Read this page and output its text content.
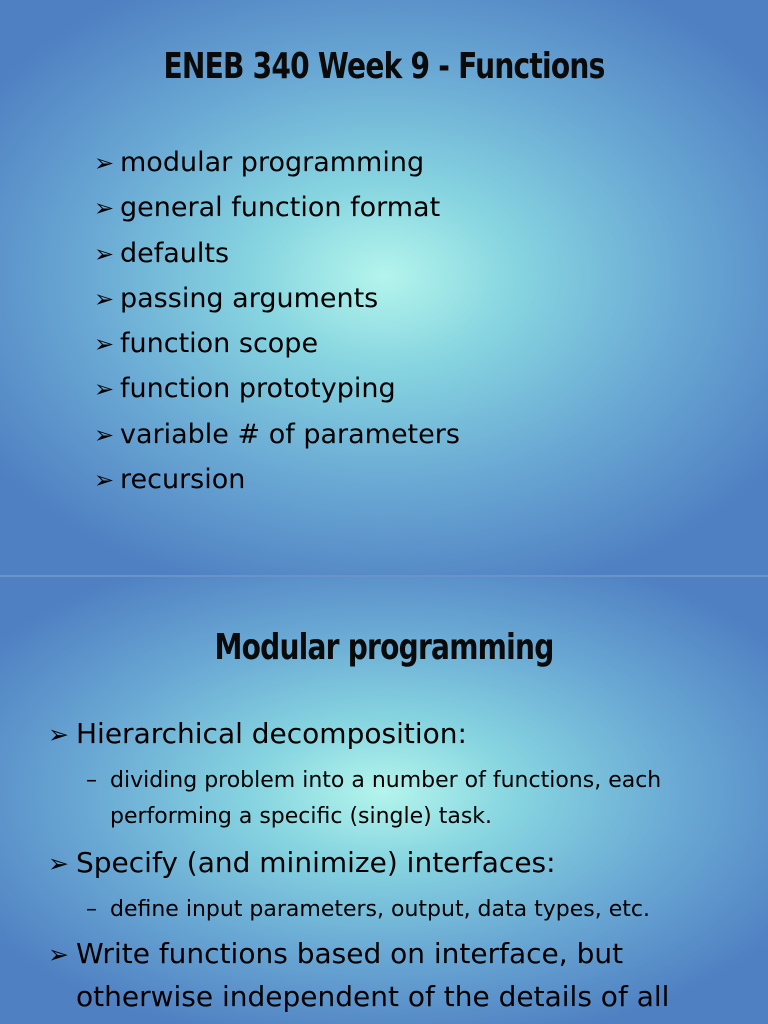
ENEB 340 Week 9 - Functions
➢ modular programming
➢ general function format
➢ defaults
➢ passing arguments
➢ function scope
➢ function prototyping
➢ variable # of parameters
➢ recursion
Modular programming
➢ Hierarchical decomposition:
– dividing problem into a number of functions, each
performing a specific (single) task.
➢ Specify (and minimize) interfaces:
– define input parameters, output, data types, etc.
➢ Write functions based on interface, but
otherwise independent of the details of all
